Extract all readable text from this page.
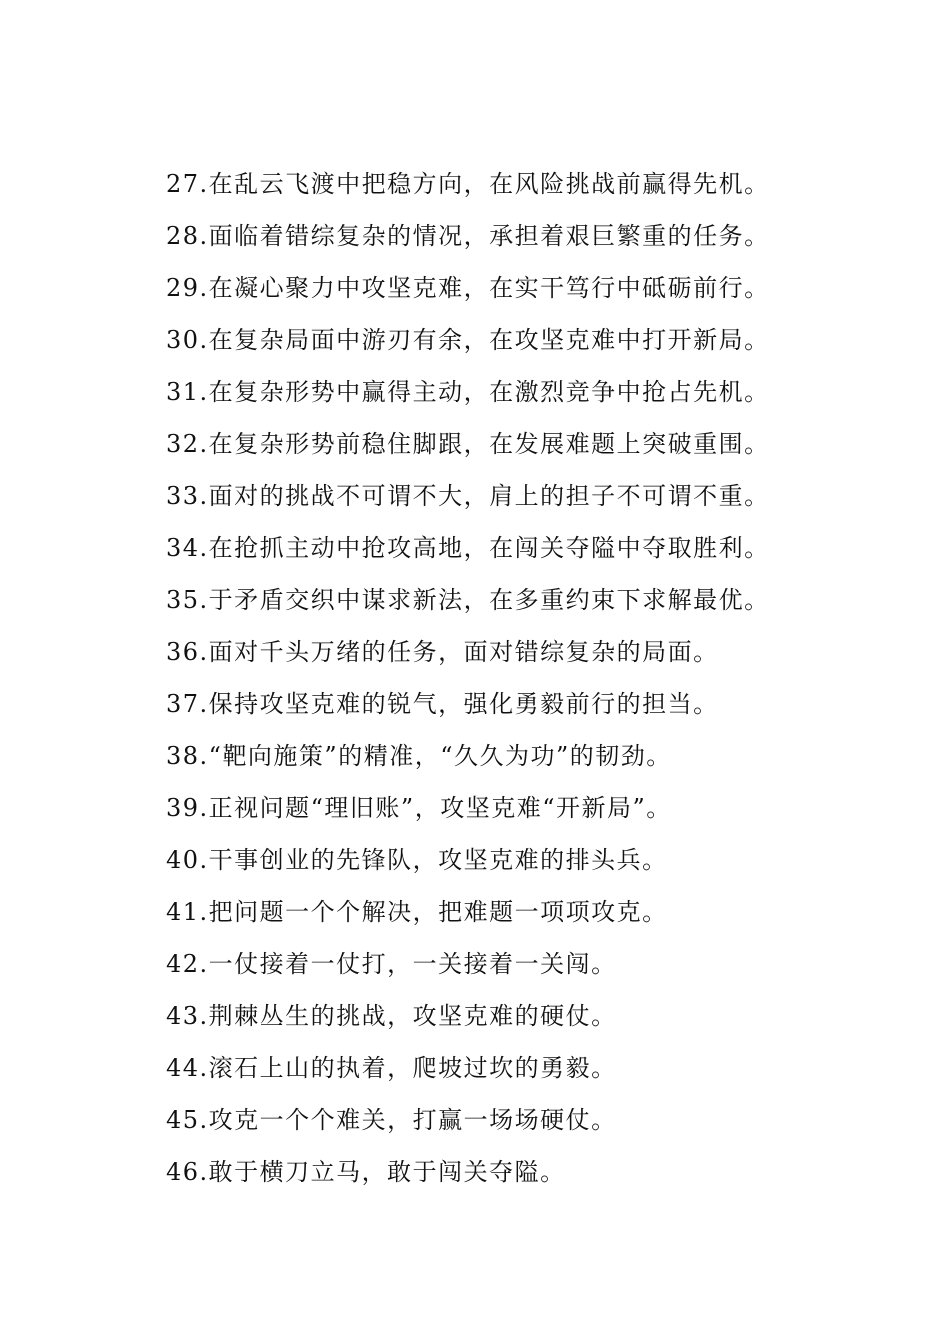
27.在乱云飞渡中把稳方向，在风险挑战前赢得先机。
28.面临着错综复杂的情况，承担着艰巨繁重的任务。
29.在凝心聚力中攻坚克难，在实干笃行中砥砺前行。
30.在复杂局面中游刃有余，在攻坚克难中打开新局。
31.在复杂形势中赢得主动，在激烈竞争中抢占先机。
32.在复杂形势前稳住脚跟，在发展难题上突破重围。
33.面对的挑战不可谓不大，肩上的担子不可谓不重。
34.在抢抓主动中抢攻高地，在闯关夺隘中夺取胜利。
35.于矛盾交织中谋求新法，在多重约束下求解最优。
36.面对千头万绪的任务，面对错综复杂的局面。
37.保持攻坚克难的锐气，强化勇毅前行的担当。
38.“靶向施策”的精准，“久久为功”的韧劲。
39.正视问题“理旧账”，攻坚克难“开新局”。
40.干事创业的先锋队，攻坚克难的排头兵。
41.把问题一个个解决，把难题一项项攻克。
42.一仗接着一仗打，一关接着一关闯。
43.荆棘丛生的挑战，攻坚克难的硬仗。
44.滚石上山的执着，爬坡过坎的勇毅。
45.攻克一个个难关，打赢一场场硬仗。
46.敢于横刀立马，敢于闯关夺隘。
